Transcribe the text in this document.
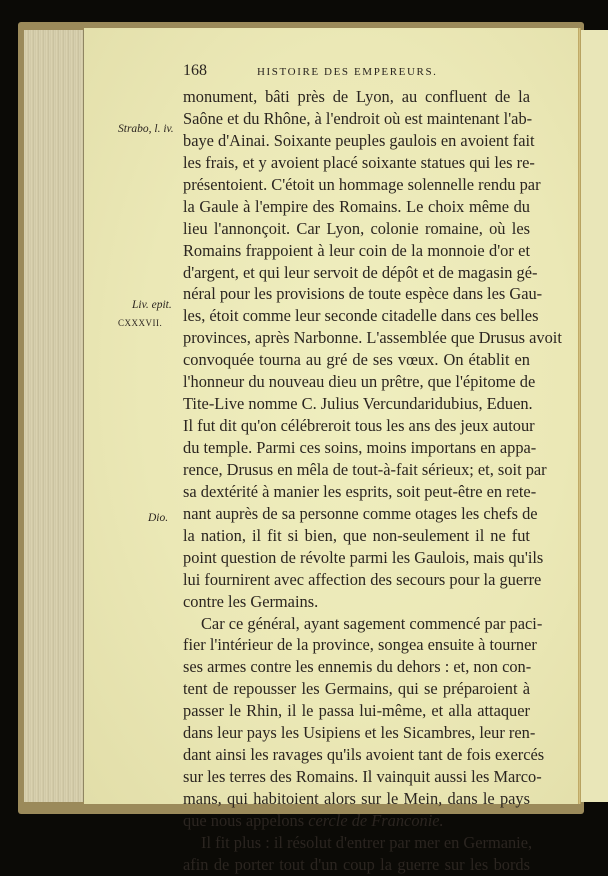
168	HISTOIRE DES EMPEREURS.
Strabo, l. iv.
Liv. epit.
CXXXVII.
Dio.
monument, bâti près de Lyon, au confluent de la
Saône et du Rhône, à l'endroit où est maintenant l'ab-
baye d'Ainai. Soixante peuples gaulois en avoient fait
les frais, et y avoient placé soixante statues qui les re-
présentoient. C'étoit un hommage solennelle rendu par
la Gaule à l'empire des Romains. Le choix même du
lieu l'annonçoit. Car Lyon, colonie romaine, où les
Romains frappoient à leur coin de la monnoie d'or et
d'argent, et qui leur servoit de dépôt et de magasin gé-
néral pour les provisions de toute espèce dans les Gau-
les, étoit comme leur seconde citadelle dans ces belles
provinces, après Narbonne. L'assemblée que Drusus avoit
convoquée tourna au gré de ses vœux. On établit en
l'honneur du nouveau dieu un prêtre, que l'épitome de
Tite-Live nomme C. Julius Vercundaridubius, Eduen.
Il fut dit qu'on célébreroit tous les ans des jeux autour
du temple. Parmi ces soins, moins importans en appa-
rence, Drusus en mêla de tout-à-fait sérieux; et, soit par
sa dextérité à manier les esprits, soit peut-être en rete-
nant auprès de sa personne comme otages les chefs de
la nation, il fit si bien, que non-seulement il ne fut
point question de révolte parmi les Gaulois, mais qu'ils
lui fournirent avec affection des secours pour la guerre
contre les Germains.
Car ce général, ayant sagement commencé par paci-
fier l'intérieur de la province, songea ensuite à tourner
ses armes contre les ennemis du dehors : et, non con-
tent de repousser les Germains, qui se préparoient à
passer le Rhin, il le passa lui-même, et alla attaquer
dans leur pays les Usipiens et les Sicambres, leur ren-
dant ainsi les ravages qu'ils avoient tant de fois exercés
sur les terres des Romains. Il vainquit aussi les Marco-
mans, qui habitoient alors sur le Mein, dans le pays
que nous appelons cercle de Franconie.
Il fit plus : il résolut d'entrer par mer en Germanie,
afin de porter tout d'un coup la guerre sur les bords
